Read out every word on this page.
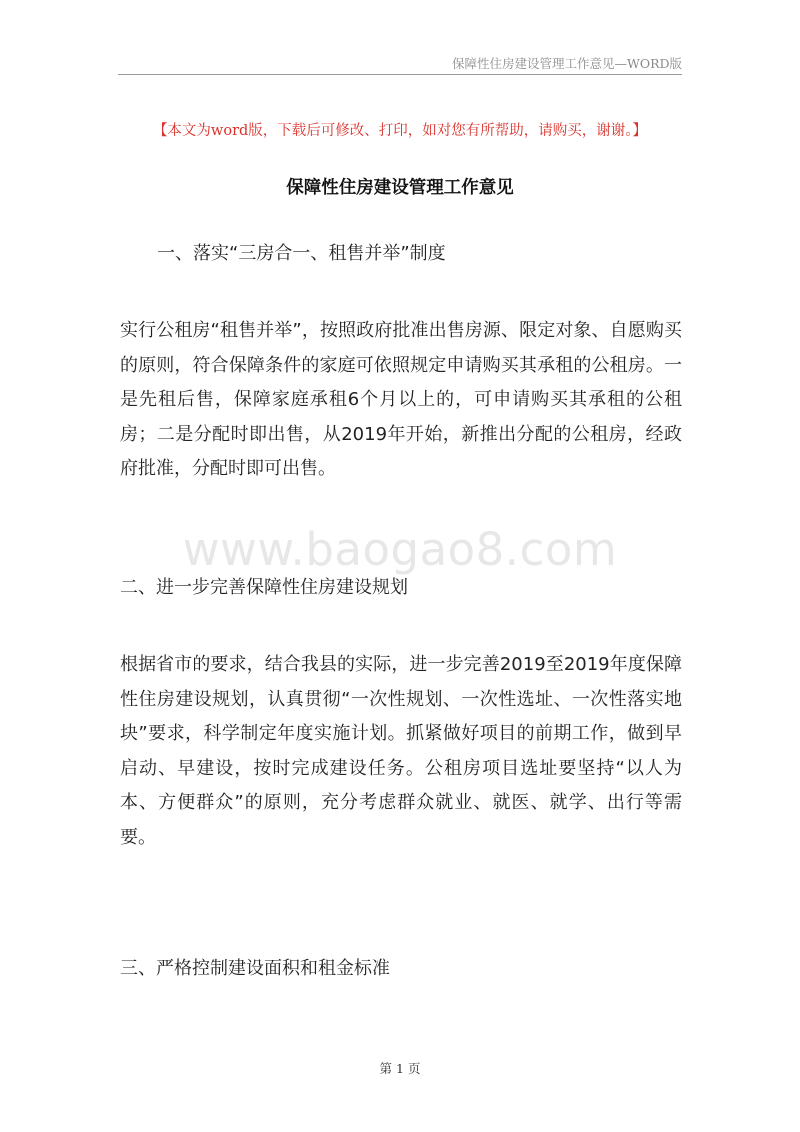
保障性住房建设管理工作意见—WORD版
【本文为word版，下载后可修改、打印，如对您有所帮助，请购买，谢谢。】
保障性住房建设管理工作意见
一、落实“三房合一、租售并举”制度
实行公租房“租售并举”，按照政府批准出售房源、限定对象、自愿购买的原则，符合保障条件的家庭可依照规定申请购买其承租的公租房。一是先租后售，保障家庭承租6个月以上的，可申请购买其承租的公租房；二是分配时即出售，从2019年开始，新推出分配的公租房，经政府批准，分配时即可出售。
www.baogao8.com
二、进一步完善保障性住房建设规划
根据省市的要求，结合我县的实际，进一步完善2019至2019年度保障性住房建设规划，认真贯彻“一次性规划、一次性选址、一次性落实地块”要求，科学制定年度实施计划。抓紧做好项目的前期工作，做到早启动、早建设，按时完成建设任务。公租房项目选址要坚持“以人为本、方便群众”的原则，充分考虑群众就业、就医、就学、出行等需要。
三、严格控制建设面积和租金标准
第 1 页
